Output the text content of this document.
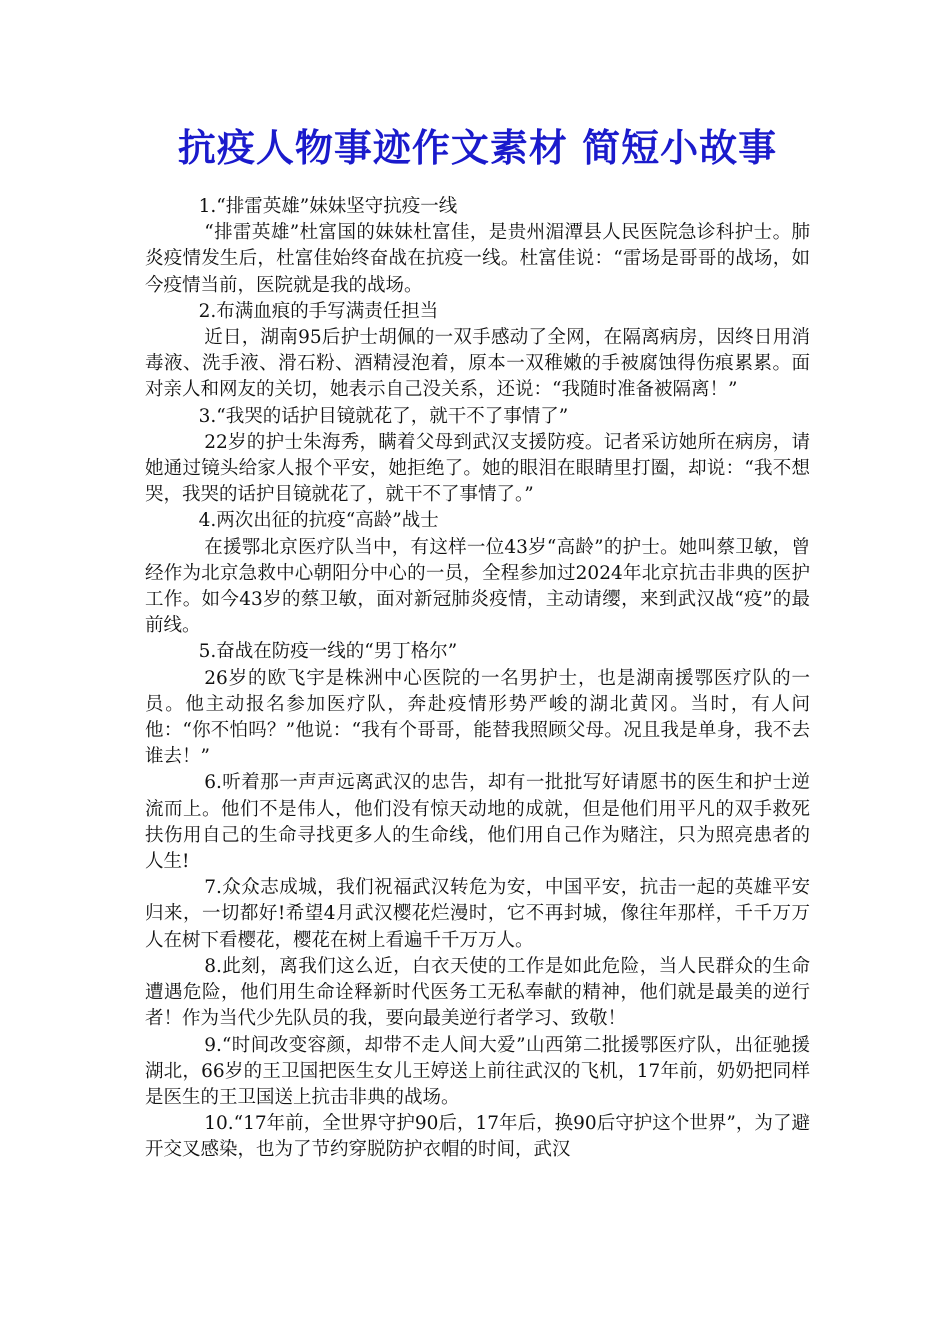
抗疫人物事迹作文素材 简短小故事

1.“排雷英雄”妹妹坚守抗疫一线

“排雷英雄”杜富国的妹妹杜富佳，是贵州湄潭县人民医院急诊科护士。肺炎疫情发生后，杜富佳始终奋战在抗疫一线。杜富佳说：“雷场是哥哥的战场，如今疫情当前，医院就是我的战场。

2.布满血痕的手写满责任担当

近日，湖南95后护士胡佩的一双手感动了全网，在隔离病房，因终日用消毒液、洗手液、滑石粉、酒精浸泡着，原本一双稚嫩的手被腐蚀得伤痕累累。面对亲人和网友的关切，她表示自己没关系，还说：“我随时准备被隔离！”

3.“我哭的话护目镜就花了，就干不了事情了”

22岁的护士朱海秀，瞒着父母到武汉支援防疫。记者采访她所在病房，请她通过镜头给家人报个平安，她拒绝了。她的眼泪在眼睛里打圈，却说：“我不想哭，我哭的话护目镜就花了，就干不了事情了。”

4.两次出征的抗疫“高龄”战士

在援鄂北京医疗队当中，有这样一位43岁“高龄”的护士。她叫蔡卫敏，曾经作为北京急救中心朝阳分中心的一员，全程参加过2024年北京抗击非典的医护工作。如今43岁的蔡卫敏，面对新冠肺炎疫情，主动请缨，来到武汉战“疫”的最前线。

5.奋战在防疫一线的“男丁格尔”

26岁的欧飞宇是株洲中心医院的一名男护士，也是湖南援鄂医疗队的一员。他主动报名参加医疗队，奔赴疫情形势严峻的湖北黄冈。当时，有人问他：“你不怕吗？”他说：“我有个哥哥，能替我照顾父母。况且我是单身，我不去谁去！”

6.听着那一声声远离武汉的忠告，却有一批批写好请愿书的医生和护士逆流而上。他们不是伟人，他们没有惊天动地的成就，但是他们用平凡的双手救死扶伤用自己的生命寻找更多人的生命线，他们用自己作为赌注，只为照亮患者的人生!

7.众众志成城，我们祝福武汉转危为安，中国平安，抗击一起的英雄平安归来，一切都好!希望4月武汉樱花烂漫时，它不再封城，像往年那样，千千万万人在树下看樱花，樱花在树上看遍千千万万人。

8.此刻，离我们这么近，白衣天使的工作是如此危险，当人民群众的生命遭遇危险，他们用生命诠释新时代医务工无私奉献的精神，他们就是最美的逆行者！作为当代少先队员的我，要向最美逆行者学习、致敬！

9.“时间改变容颜，却带不走人间大爱”山西第二批援鄂医疗队，出征驰援湖北，66岁的王卫国把医生女儿王婷送上前往武汉的飞机，17年前，奶奶把同样是医生的王卫国送上抗击非典的战场。

10.“17年前，全世界守护90后，17年后，换90后守护这个世界”，为了避开交叉感染，也为了节约穿脱防护衣帽的时间，武汉
